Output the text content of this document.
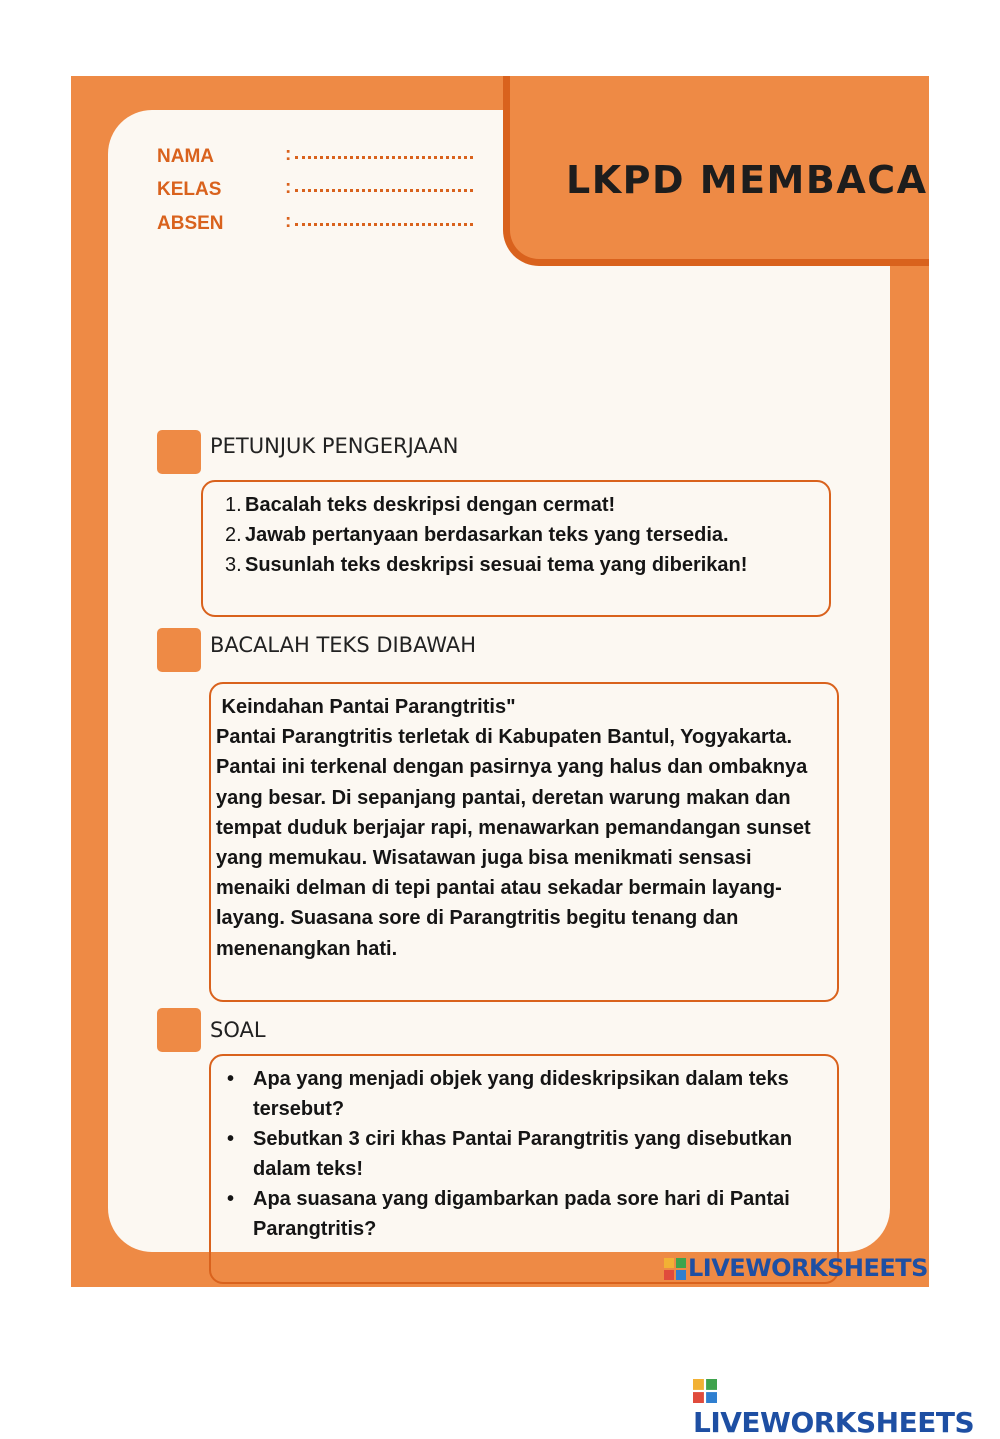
LKPD MEMBACA
NAMA	:
KELAS	:
ABSEN	:
PETUNJUK PENGERJAAN

1. Bacalah teks deskripsi dengan cermat!

2. Jawab pertanyaan berdasarkan teks yang tersedia.

3. Susunlah teks deskripsi sesuai tema yang diberikan!

BACALAH TEKS DIBAWAH

Keindahan Pantai Parangtritis"

Pantai Parangtritis terletak di Kabupaten Bantul, Yogyakarta. Pantai ini terkenal dengan pasirnya yang halus dan ombaknya yang besar. Di sepanjang pantai, deretan warung makan dan tempat duduk berjajar rapi, menawarkan pemandangan sunset yang memukau. Wisatawan juga bisa menikmati sensasi menaiki delman di tepi pantai atau sekadar bermain layang-layang. Suasana sore di Parangtritis begitu tenang dan menenangkan hati.

SOAL

• Apa yang menjadi objek yang dideskripsikan dalam teks tersebut?

• Sebutkan 3 ciri khas Pantai Parangtritis yang disebutkan dalam teks!

• Apa suasana yang digambarkan pada sore hari di Pantai Parangtritis?

LIVEWORKSHEETS
LIVEWORKSHEETS
